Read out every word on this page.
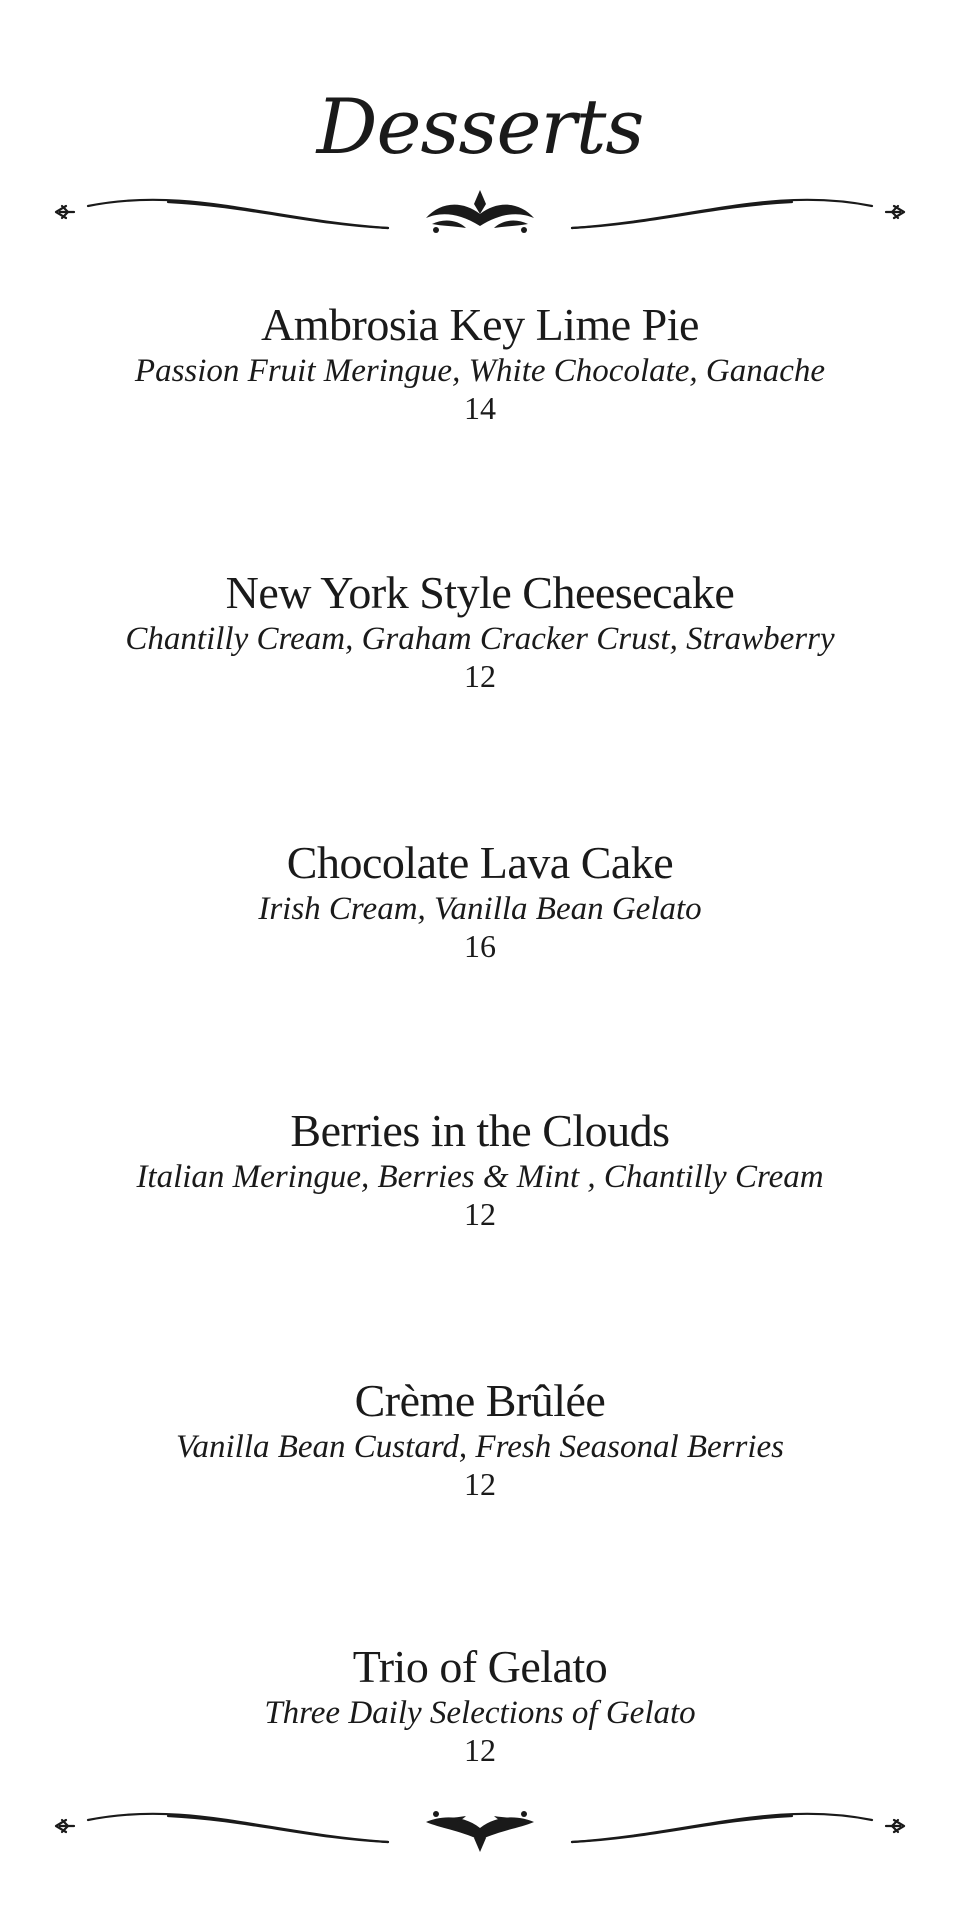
Desserts
Ambrosia Key Lime Pie
Passion Fruit Meringue, White Chocolate, Ganache
14
New York Style Cheesecake
Chantilly Cream, Graham Cracker Crust, Strawberry
12
Chocolate Lava Cake
Irish Cream, Vanilla Bean Gelato
16
Berries in the Clouds
Italian Meringue, Berries & Mint , Chantilly Cream
12
Crème Brûlée
Vanilla Bean Custard, Fresh Seasonal Berries
12
Trio of Gelato
Three Daily Selections of Gelato
12
